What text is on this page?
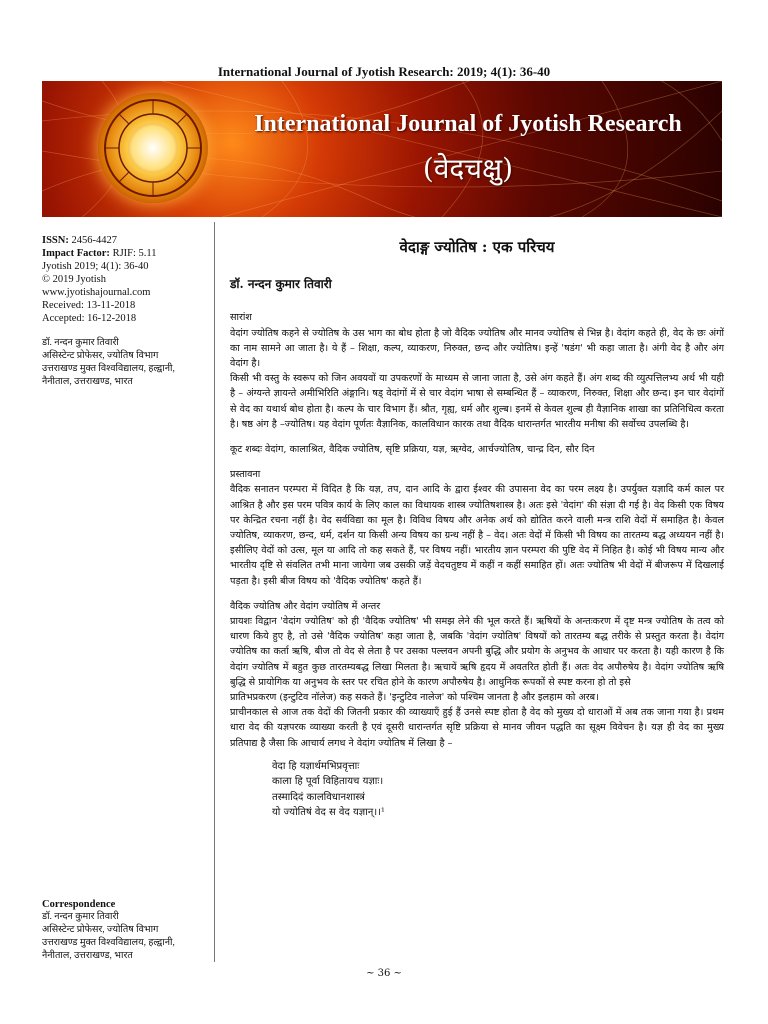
International Journal of Jyotish Research: 2019; 4(1): 36-40
International Journal of Jyotish Research
(वेदचक्षु)
ISSN: 2456-4427
Impact Factor: RJIF: 5.11
Jyotish 2019; 4(1): 36-40
© 2019 Jyotish
www.jyotishajournal.com
Received: 13-11-2018
Accepted: 16-12-2018
डॉ. नन्दन कुमार तिवारी
असिस्टेन्ट प्रोफेसर, ज्योतिष विभाग
उत्तराखण्ड मुक्त विश्वविद्यालय, हल्द्वानी,
नैनीताल, उत्तराखण्ड, भारत
Correspondence
डॉ. नन्दन कुमार तिवारी
असिस्टेन्ट प्रोफेसर, ज्योतिष विभाग
उत्तराखण्ड मुक्त विश्वविद्यालय, हल्द्वानी,
नैनीताल, उत्तराखण्ड, भारत
वेदाङ्ग ज्योतिष : एक परिचय
डॉ. नन्दन कुमार तिवारी
सारांश

वेदांग ज्योतिष कहने से ज्योतिष के उस भाग का बोध होता है जो वैदिक ज्योतिष और मानव ज्योतिष से भिन्न है। वेदांग कहते ही, वेद के छः अंगों का नाम सामने आ जाता है। ये हैं – शिक्षा, कल्प, व्याकरण, निरुक्त, छन्द और ज्योतिष। इन्हें 'षडंग' भी कहा जाता है। अंगी वेद है और अंग वेदांग है।

किसी भी वस्तु के स्वरूप को जिन अवयवों या उपकरणों के माध्यम से जाना जाता है, उसे अंग कहते हैं। अंग शब्द की व्युत्पत्तिलभ्य अर्थ भी यही है – अंग्यन्ते ज्ञायन्ते अमीभिरिति अंङ्गानि। षड् वेदांगों में से चार वेदांग भाषा से सम्बन्धित हैं – व्याकरण, निरुक्त, शिक्षा और छन्द। इन चार वेदांगों से वेद का यथार्थ बोध होता है। कल्प के चार विभाग हैं। श्रौत, गृह्य, धर्म और शुल्ब। इनमें से केवल शुल्ब ही वैज्ञानिक शाखा का प्रतिनिधित्व करता है। षष्ठ अंग है –ज्योतिष। यह वेदांग पूर्णतः वैज्ञानिक, कालविधान कारक तथा वैदिक धारान्तर्गत भारतीय मनीषा की सर्वोच्च उपलब्धि है।

कूट शब्दः वेदांग, कालाश्रित, वैदिक ज्योतिष, सृष्टि प्रक्रिया, यज्ञ, ऋग्वेद, आर्चज्योतिष, चान्द्र दिन, सौर दिन

प्रस्तावना

वैदिक सनातन परम्परा में विदित है कि यज्ञ, तप, दान आदि के द्वारा ईश्वर की उपासना वेद का परम लक्ष्य है। उपर्युक्त यज्ञादि कर्म काल पर आश्रित है और इस परम पवित्र कार्य के लिए काल का विधायक शास्त्र ज्योतिषशास्त्र है। अतः इसे 'वेदांग' की संज्ञा दी गई है। वेद किसी एक विषय पर केन्द्रित रचना नहीं है। वेद सर्वविद्या का मूल है। विविध विषय और अनेक अर्थ को द्योतित करने वाली मन्त्र राशि वेदों में समाहित है। केवल ज्योतिष, व्याकरण, छन्द, धर्म, दर्शन या किसी अन्य विषय का ग्रन्थ नहीं है – वेद। अतः वेदों में किसी भी विषय का तारतम्य बद्ध अध्ययन नहीं है। इसीलिए वेदों को उत्स, मूल या आदि तो कह सकते हैं, पर विषय नहीं। भारतीय ज्ञान परम्परा की पुष्टि वेद में निहित है। कोई भी विषय मान्य और भारतीय दृष्टि से संवलित तभी माना जायेगा जब उसकी जड़ें वेदचतुष्टय में कहीं न कहीं समाहित हों। अतः ज्योतिष भी वेदों में बीजरूप में दिखलाई पड़ता है। इसी बीज विषय को 'वैदिक ज्योतिष' कहते हैं।

वैदिक ज्योतिष और वेदांग ज्योतिष में अन्तर

प्रायशः विद्वान 'वेदांग ज्योतिष' को ही 'वैदिक ज्योतिष' भी समझ लेने की भूल करते हैं। ऋषियों के अन्तःकरण में दृष्ट मन्त्र ज्योतिष के तत्व को धारण किये हुए है, तो उसे 'वैदिक ज्योतिष' कहा जाता है, जबकि 'वेदांग ज्योतिष' विषयों को तारतम्य बद्ध तरीके से प्रस्तुत करता है। वेदांग ज्योतिष का कर्ता ऋषि, बीज तो वेद से लेता है पर उसका पल्लवन अपनी बुद्धि और प्रयोग के अनुभव के आधार पर करता है। यही कारण है कि वेदांग ज्योतिष में बहुत कुछ तारतम्यबद्ध लिखा मिलता है। ऋचायें ऋषि हृदय में अवतरित होती हैं। अतः वेद अपौरुषेय है। वेदांग ज्योतिष ऋषि बुद्धि से प्रायोगिक या अनुभव के स्तर पर रचित होने के कारण अपौरुषेय है। आधुनिक रूपकों से स्पष्ट करना हो तो इसे

प्रातिभप्रकरण (इन्टुटिव नॉलेज) कह सकते हैं। 'इन्टुटिव नालेज' को पश्चिम जानता है और इलहाम को अरब।

प्राचीनकाल से आज तक वेदों की जितनी प्रकार की व्याख्याएँ हुई हैं उनसे स्पष्ट होता है वेद को मुख्य दो धाराओं में अब तक जाना गया है। प्रथम धारा वेद की यज्ञपरक व्याख्या करती है एवं दूसरी धारान्तर्गत सृष्टि प्रक्रिया से मानव जीवन पद्धति का सूक्ष्म विवेचन है। यज्ञ ही वेद का मुख्य प्रतिपाद्य है जैसा कि आचार्य लगध ने वेदांग ज्योतिष में लिखा है –

वेदा हि यज्ञार्थमभिप्रवृत्ताः
काला हि पूर्वा विहितायच यज्ञाः।
तस्मादिदं कालविधानशास्त्रं
यो ज्योतिषं वेद स वेद यज्ञान्।।¹
~ 36 ~
